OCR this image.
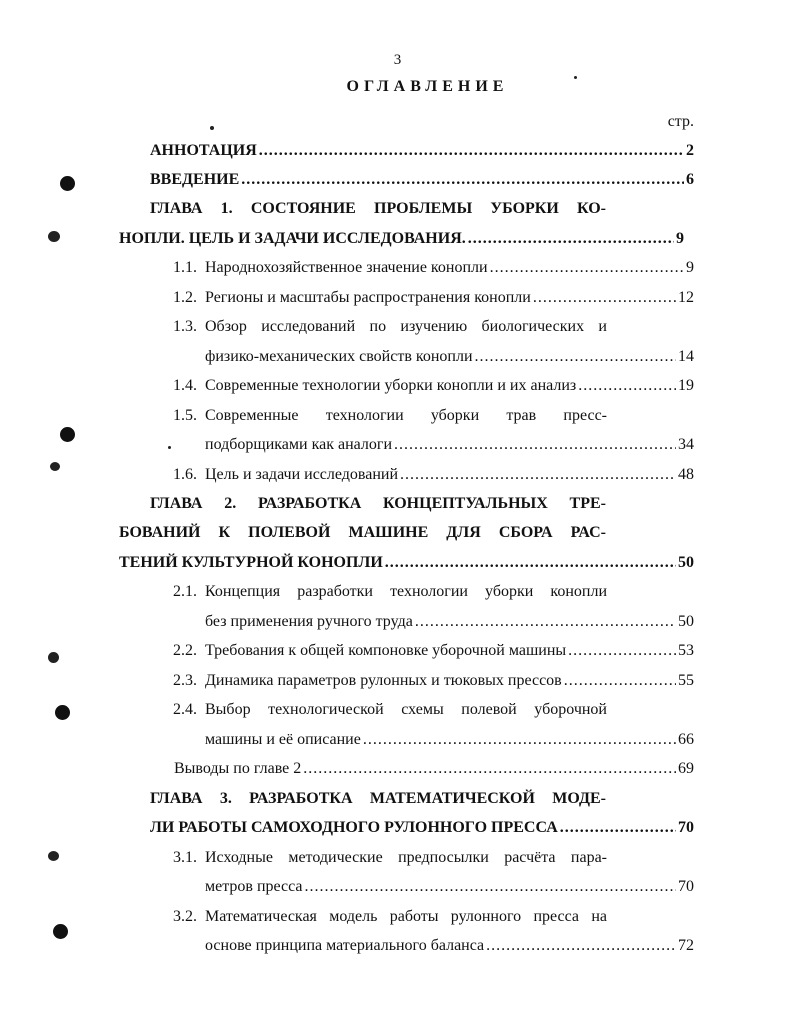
3
ОГЛАВЛЕНИЕ
стр.
АННОТАЦИЯ .....	2
ВВЕДЕНИЕ .....	6
ГЛАВА 1. СОСТОЯНИЕ ПРОБЛЕМЫ УБОРКИ КО-
НОПЛИ. ЦЕЛЬ И ЗАДАЧИ ИССЛЕДОВАНИЯ. .....	9
1.1. Народнохозяйственное значение конопли .....	9
1.2. Регионы и масштабы распространения конопли .....	12
1.3. Обзор исследований по изучению биологических и
физико-механических свойств конопли .....	14
1.4. Современные технологии уборки конопли и их анализ .....	19
1.5. Современные технологии уборки трав пресс-
подборщиками как аналоги .....	34
1.6. Цель и задачи исследований .....	48
ГЛАВА 2. РАЗРАБОТКА КОНЦЕПТУАЛЬНЫХ ТРЕ-
БОВАНИЙ К ПОЛЕВОЙ МАШИНЕ ДЛЯ СБОРА РАС-
ТЕНИЙ КУЛЬТУРНОЙ КОНОПЛИ .....	50
2.1. Концепция разработки технологии уборки конопли
без применения ручного труда .....	50
2.2. Требования к общей компоновке уборочной машины .....	53
2.3. Динамика параметров рулонных и тюковых прессов .....	55
2.4. Выбор технологической схемы полевой уборочной
машины и её описание .....	66
Выводы по главе 2 .....	69
ГЛАВА 3. РАЗРАБОТКА МАТЕМАТИЧЕСКОЙ МОДЕ-
ЛИ РАБОТЫ САМОХОДНОГО РУЛОННОГО ПРЕССА .....	70
3.1. Исходные методические предпосылки расчёта пара-
метров пресса .....	70
3.2. Математическая модель работы рулонного пресса на
основе принципа материального баланса .....	72
